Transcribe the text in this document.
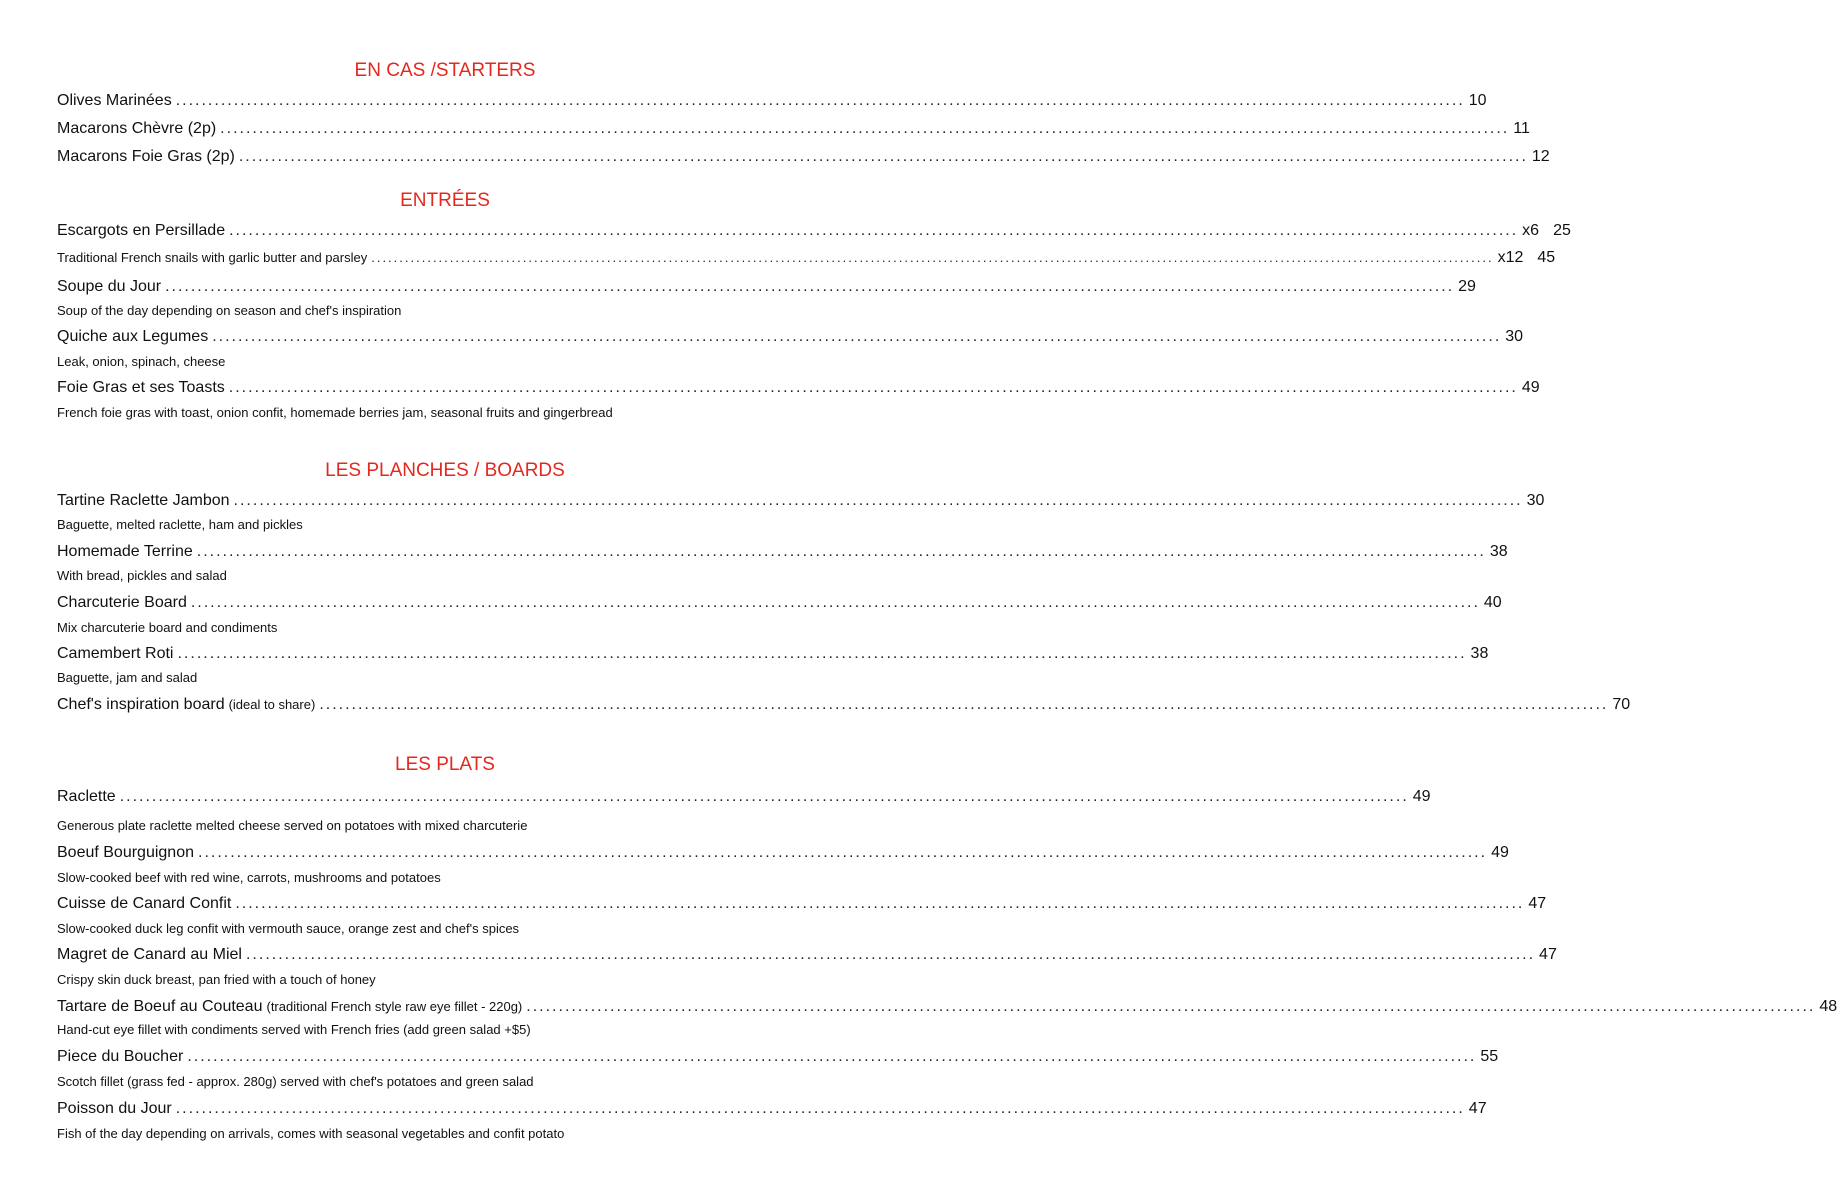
EN CAS /STARTERS
Olives Marinées ........................................................................................................................................................................................................ 10
Macarons Chèvre (2p) ........................................................................................................................................................................................................ 11
Macarons Foie Gras (2p) ........................................................................................................................................................................................................ 12
ENTRÉES
Escargots en Persillade ........................................................................................................................................................................................................ x6 25
Traditional French snails with garlic butter and parsley ........................................................................................................................................................................................................ x12 45
Soupe du Jour ........................................................................................................................................................................................................ 29
Soup of the day depending on season and chef's inspiration
Quiche aux Legumes ........................................................................................................................................................................................................ 30
Leak, onion, spinach, cheese
Foie Gras et ses Toasts ........................................................................................................................................................................................................ 49
French foie gras with toast, onion confit, homemade berries jam, seasonal fruits and gingerbread
LES PLANCHES / BOARDS
Tartine Raclette Jambon ........................................................................................................................................................................................................ 30
Baguette, melted raclette, ham and pickles
Homemade Terrine ........................................................................................................................................................................................................ 38
With bread, pickles and salad
Charcuterie Board ........................................................................................................................................................................................................ 40
Mix charcuterie board and condiments
Camembert Roti ........................................................................................................................................................................................................ 38
Baguette, jam and salad
Chef's inspiration board (ideal to share) ........................................................................................................................................................................................................ 70
LES PLATS
Raclette ........................................................................................................................................................................................................ 49
Generous plate raclette melted cheese served on potatoes with mixed charcuterie
Boeuf Bourguignon ........................................................................................................................................................................................................ 49
Slow-cooked beef with red wine, carrots, mushrooms and potatoes
Cuisse de Canard Confit ........................................................................................................................................................................................................ 47
Slow-cooked duck leg confit with vermouth sauce, orange zest and chef's spices
Magret de Canard au Miel ........................................................................................................................................................................................................ 47
Crispy skin duck breast, pan fried with a touch of honey
Tartare de Boeuf au Couteau (traditional French style raw eye fillet - 220g) ........................................................................................................................................................................................................ 48
Hand-cut eye fillet with condiments served with French fries (add green salad +$5)
Piece du Boucher ........................................................................................................................................................................................................ 55
Scotch fillet (grass fed - approx. 280g) served with chef's potatoes and green salad
Poisson du Jour ........................................................................................................................................................................................................ 47
Fish of the day depending on arrivals, comes with seasonal vegetables and confit potato
